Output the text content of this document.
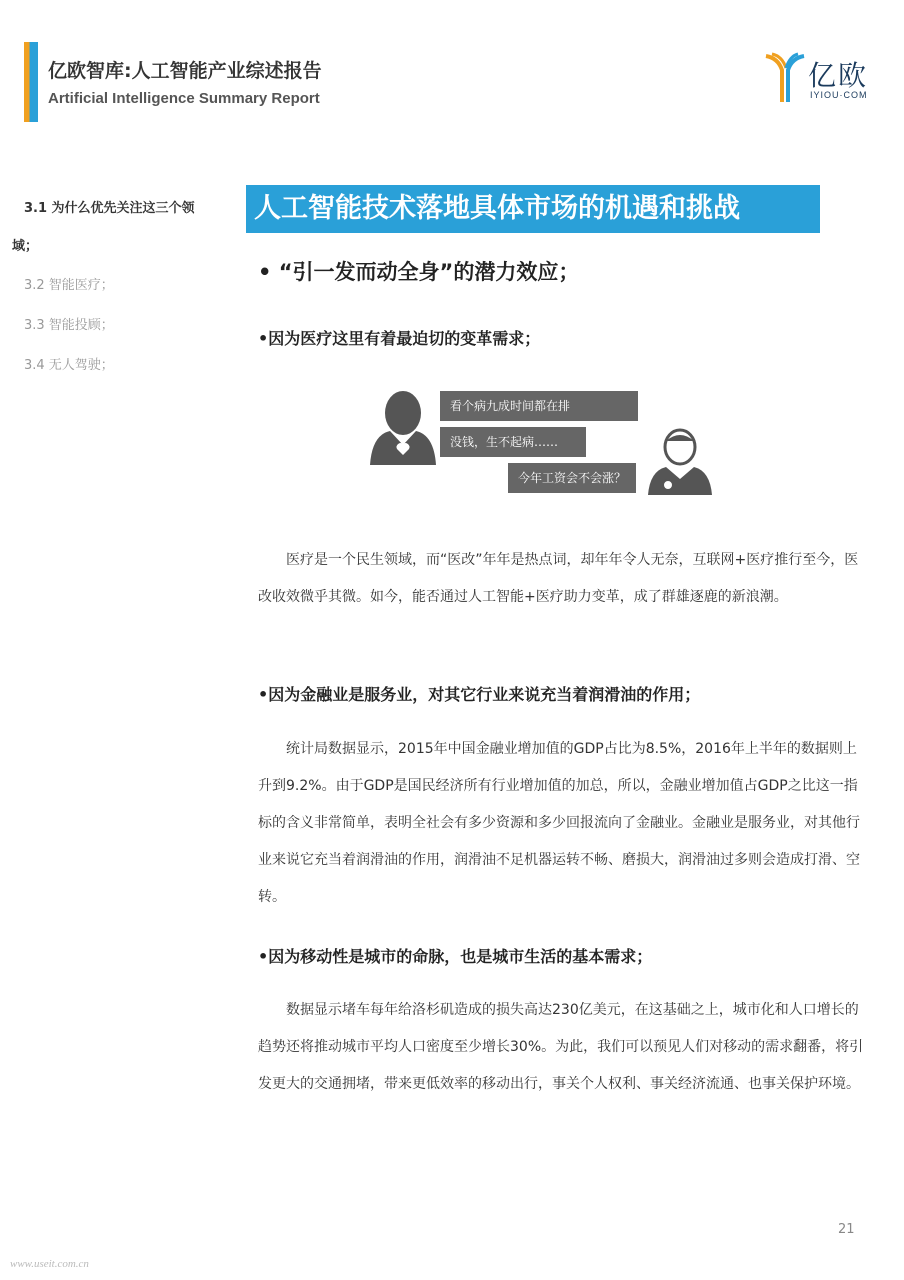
亿欧智库:人工智能产业综述报告
Artificial Intelligence Summary Report
亿欧
IYIOU·COM
3.1 为什么优先关注这三个领
域；
3.2 智能医疗；
3.3 智能投顾；
3.4 无人驾驶；
人工智能技术落地具体市场的机遇和挑战
• “引一发而动全身”的潜力效应；
•因为医疗这里有着最迫切的变革需求；
看个病九成时间都在排
没钱，生不起病……
今年工资会不会涨？
医疗是一个民生领域，而“医改”年年是热点词，却年年令人无奈，互联网+医疗推行至今，医改收效微乎其微。如今，能否通过人工智能+医疗助力变革，成了群雄逐鹿的新浪潮。
•因为金融业是服务业，对其它行业来说充当着润滑油的作用；
统计局数据显示，2015年中国金融业增加值的GDP占比为8.5%，2016年上半年的数据则上升到9.2%。由于GDP是国民经济所有行业增加值的加总，所以，金融业增加值占GDP之比这一指标的含义非常简单，表明全社会有多少资源和多少回报流向了金融业。金融业是服务业，对其他行业来说它充当着润滑油的作用，润滑油不足机器运转不畅、磨损大，润滑油过多则会造成打滑、空转。
•因为移动性是城市的命脉，也是城市生活的基本需求；
数据显示堵车每年给洛杉矶造成的损失高达230亿美元，在这基础之上，城市化和人口增长的趋势还将推动城市平均人口密度至少增长30%。为此，我们可以预见人们对移动的需求翻番，将引发更大的交通拥堵，带来更低效率的移动出行，事关个人权利、事关经济流通、也事关保护环境。
21
www.useit.com.cn
